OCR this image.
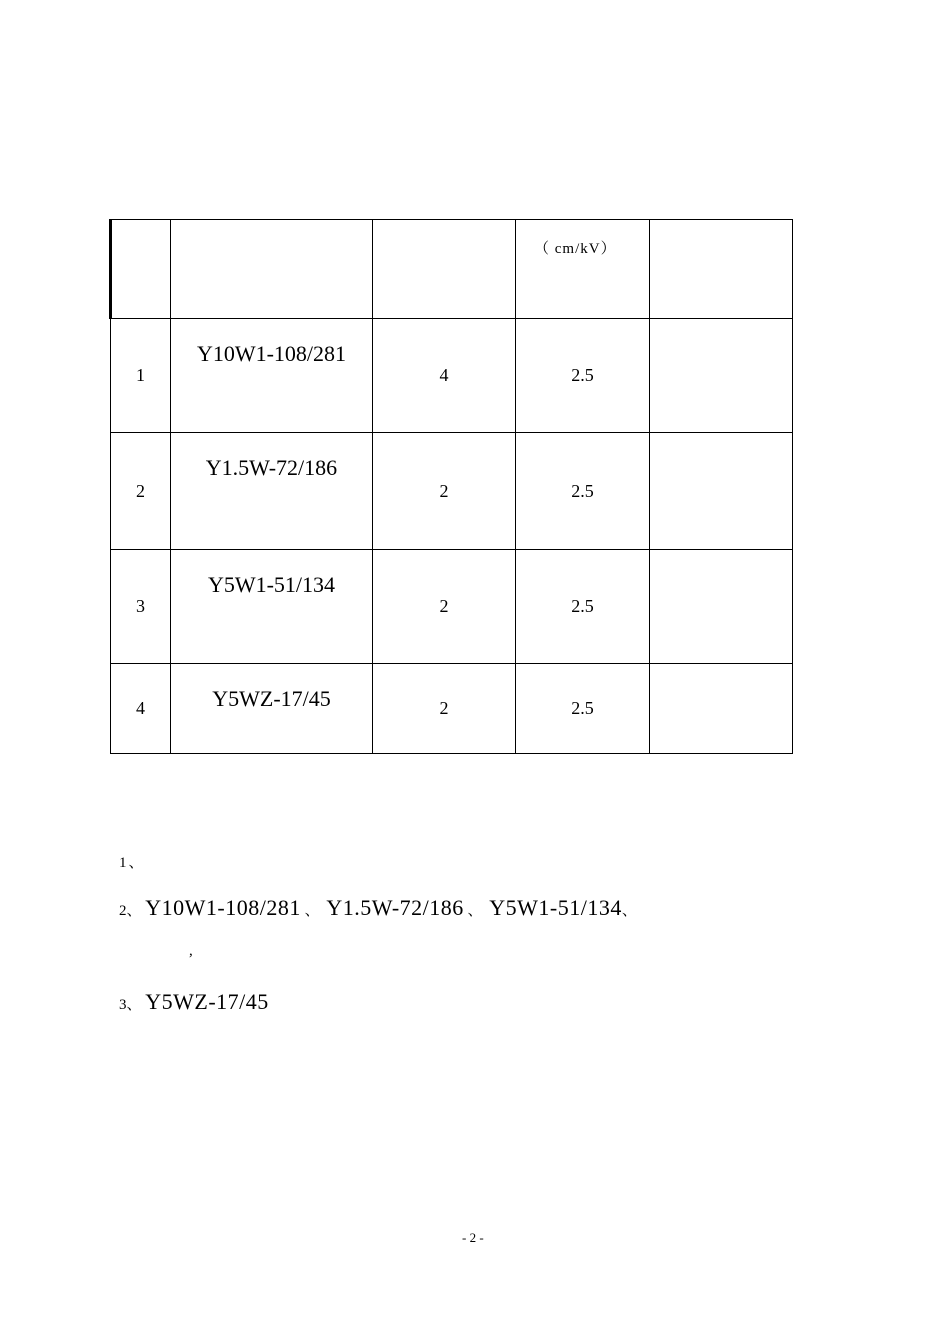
			（ cm/kV）	

1	Y10W1-108/281	4	2.5	
2	Y1.5W-72/186	2	2.5	
3	Y5W1-51/134	2	2.5	
4	Y5WZ-17/45	2	2.5	
1、
2、 Y10W1-108/281 、 Y1.5W-72/186 、 Y5W1-51/134、
,
3、 Y5WZ-17/45
- 2 -
